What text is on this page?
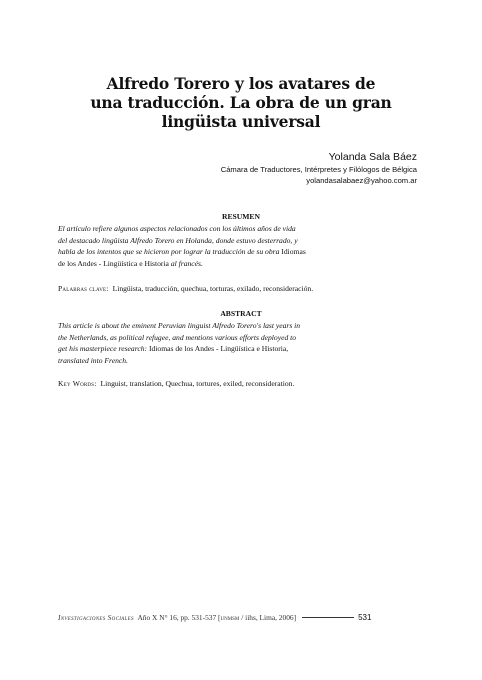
Alfredo Torero y los avatares de
una traducción. La obra de un gran
lingüista universal
Yolanda Sala Báez
Cámara de Traductores, Intérpretes y Filólogos de Bélgica
yolandasalabaez@yahoo.com.ar
RESUMEN
El artículo refiere algunos aspectos relacionados con los últimos años de vida
del destacado lingüista Alfredo Torero en Holanda, donde estuvo desterrado, y
habla de los intentos que se hicieron por lograr la traducción de su obra Idiomas
de los Andes - Lingüística e Historia al francés.
Palabras clave: Lingüista, traducción, quechua, torturas, exilado, reconsideración.
ABSTRACT
This article is about the eminent Peruvian linguist Alfredo Torero's last years in
the Netherlands, as political refugee, and mentions various efforts deployed to
get his masterpiece research: Idiomas de los Andes - Lingüística e Historia,
translated into French.
Key Words: Linguist, translation, Quechua, tortures, exiled, reconsideration.
Investigaciones Sociales Año X N° 16, pp. 531-537 [unmsm / iihs, Lima, 2006]	531
